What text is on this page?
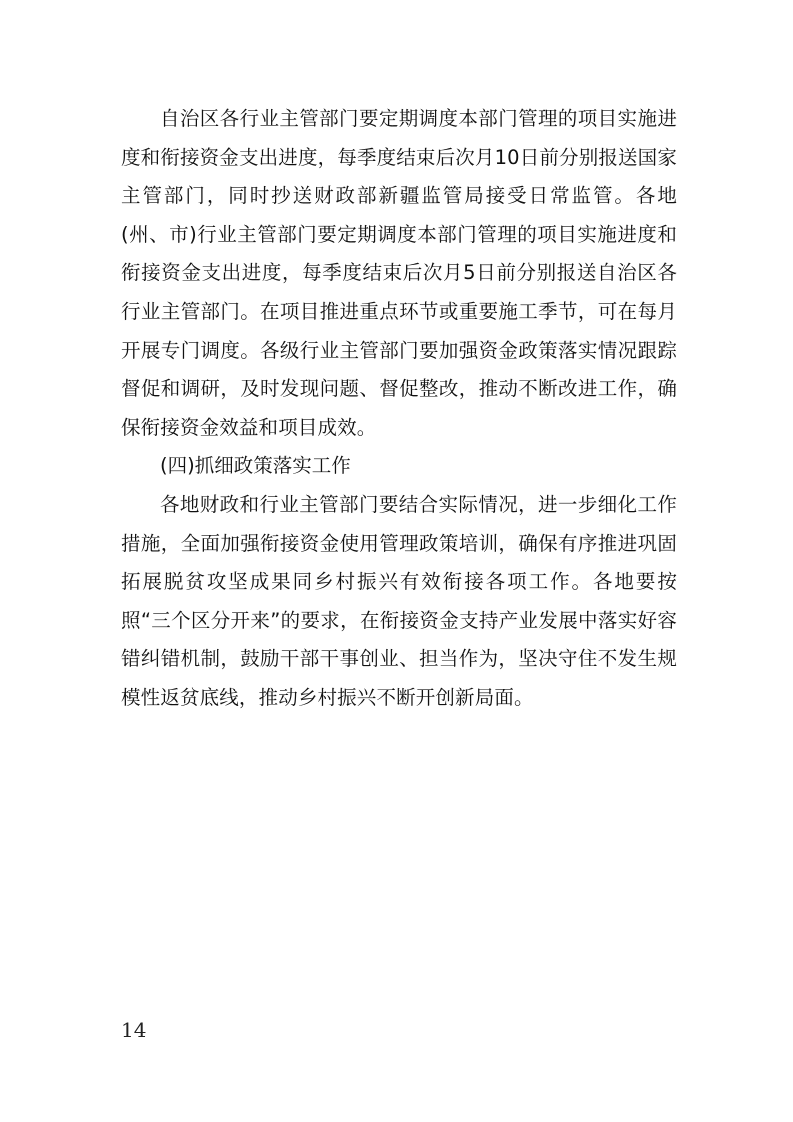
自治区各行业主管部门要定期调度本部门管理的项目实施进度和衔接资金支出进度，每季度结束后次月10日前分别报送国家主管部门，同时抄送财政部新疆监管局接受日常监管。各地(州、市)行业主管部门要定期调度本部门管理的项目实施进度和衔接资金支出进度，每季度结束后次月5日前分别报送自治区各行业主管部门。在项目推进重点环节或重要施工季节，可在每月开展专门调度。各级行业主管部门要加强资金政策落实情况跟踪督促和调研，及时发现问题、督促整改，推动不断改进工作，确保衔接资金效益和项目成效。

(四)抓细政策落实工作

各地财政和行业主管部门要结合实际情况，进一步细化工作措施，全面加强衔接资金使用管理政策培训，确保有序推进巩固拓展脱贫攻坚成果同乡村振兴有效衔接各项工作。各地要按照“三个区分开来”的要求，在衔接资金支持产业发展中落实好容错纠错机制，鼓励干部干事创业、担当作为，坚决守住不发生规模性返贫底线，推动乡村振兴不断开创新局面。

14
